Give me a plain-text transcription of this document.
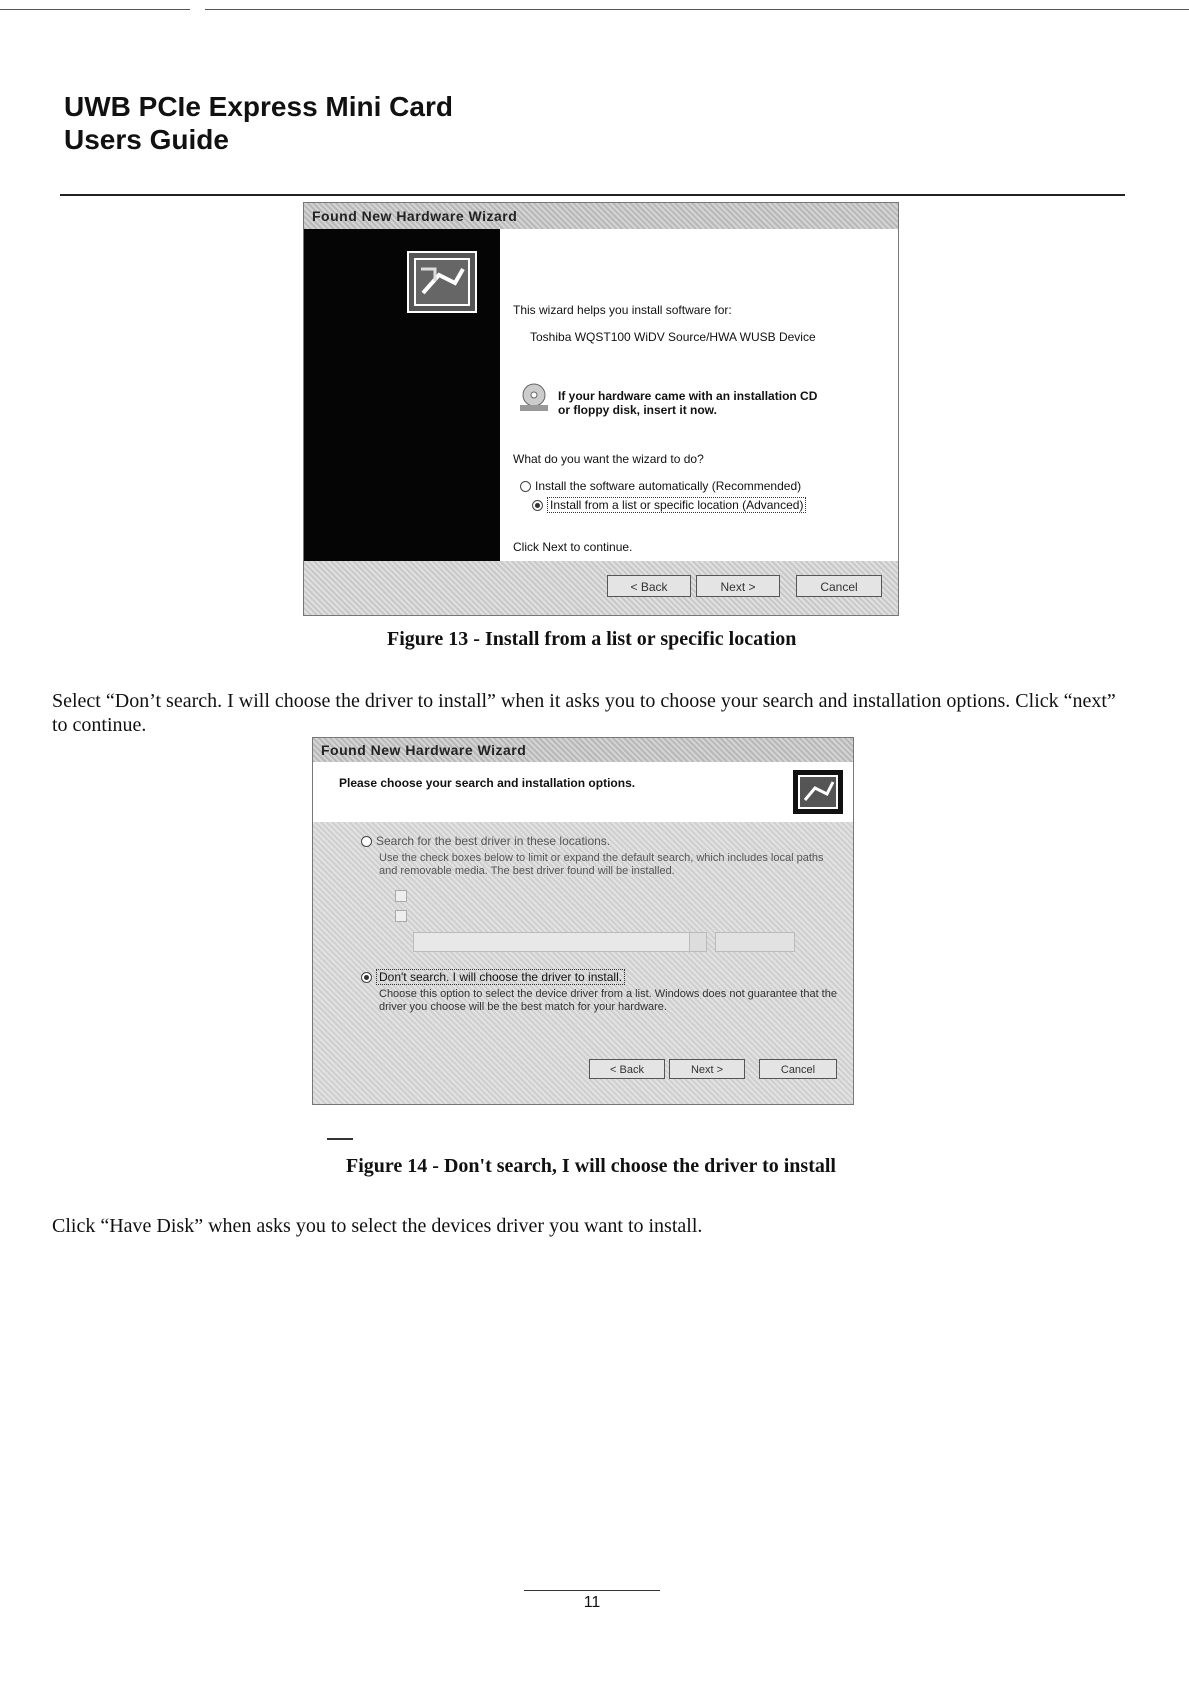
UWB PCIe Express Mini Card
Users Guide
Found New Hardware Wizard
This wizard helps you install software for:
Toshiba WQST100 WiDV Source/HWA WUSB Device
If your hardware came with an installation CD
or floppy disk, insert it now.
What do you want the wizard to do?
Install the software automatically (Recommended)
Install from a list or specific location (Advanced)
Click Next to continue.
< Back	Next >	Cancel
Figure 13 - Install from a list or specific location
Select “Don’t search. I will choose the driver to install” when it asks you to choose your search and installation options. Click “next” to continue.
Found New Hardware Wizard
Please choose your search and installation options.
Search for the best driver in these locations.
Use the check boxes below to limit or expand the default search, which includes local paths and removable media. The best driver found will be installed.
Don't search. I will choose the driver to install.
Choose this option to select the device driver from a list. Windows does not guarantee that the driver you choose will be the best match for your hardware.
< Back	Next >	Cancel
Figure 14 - Don't search, I will choose the driver to install
Click “Have Disk” when asks you to select the devices driver you want to install.
11
